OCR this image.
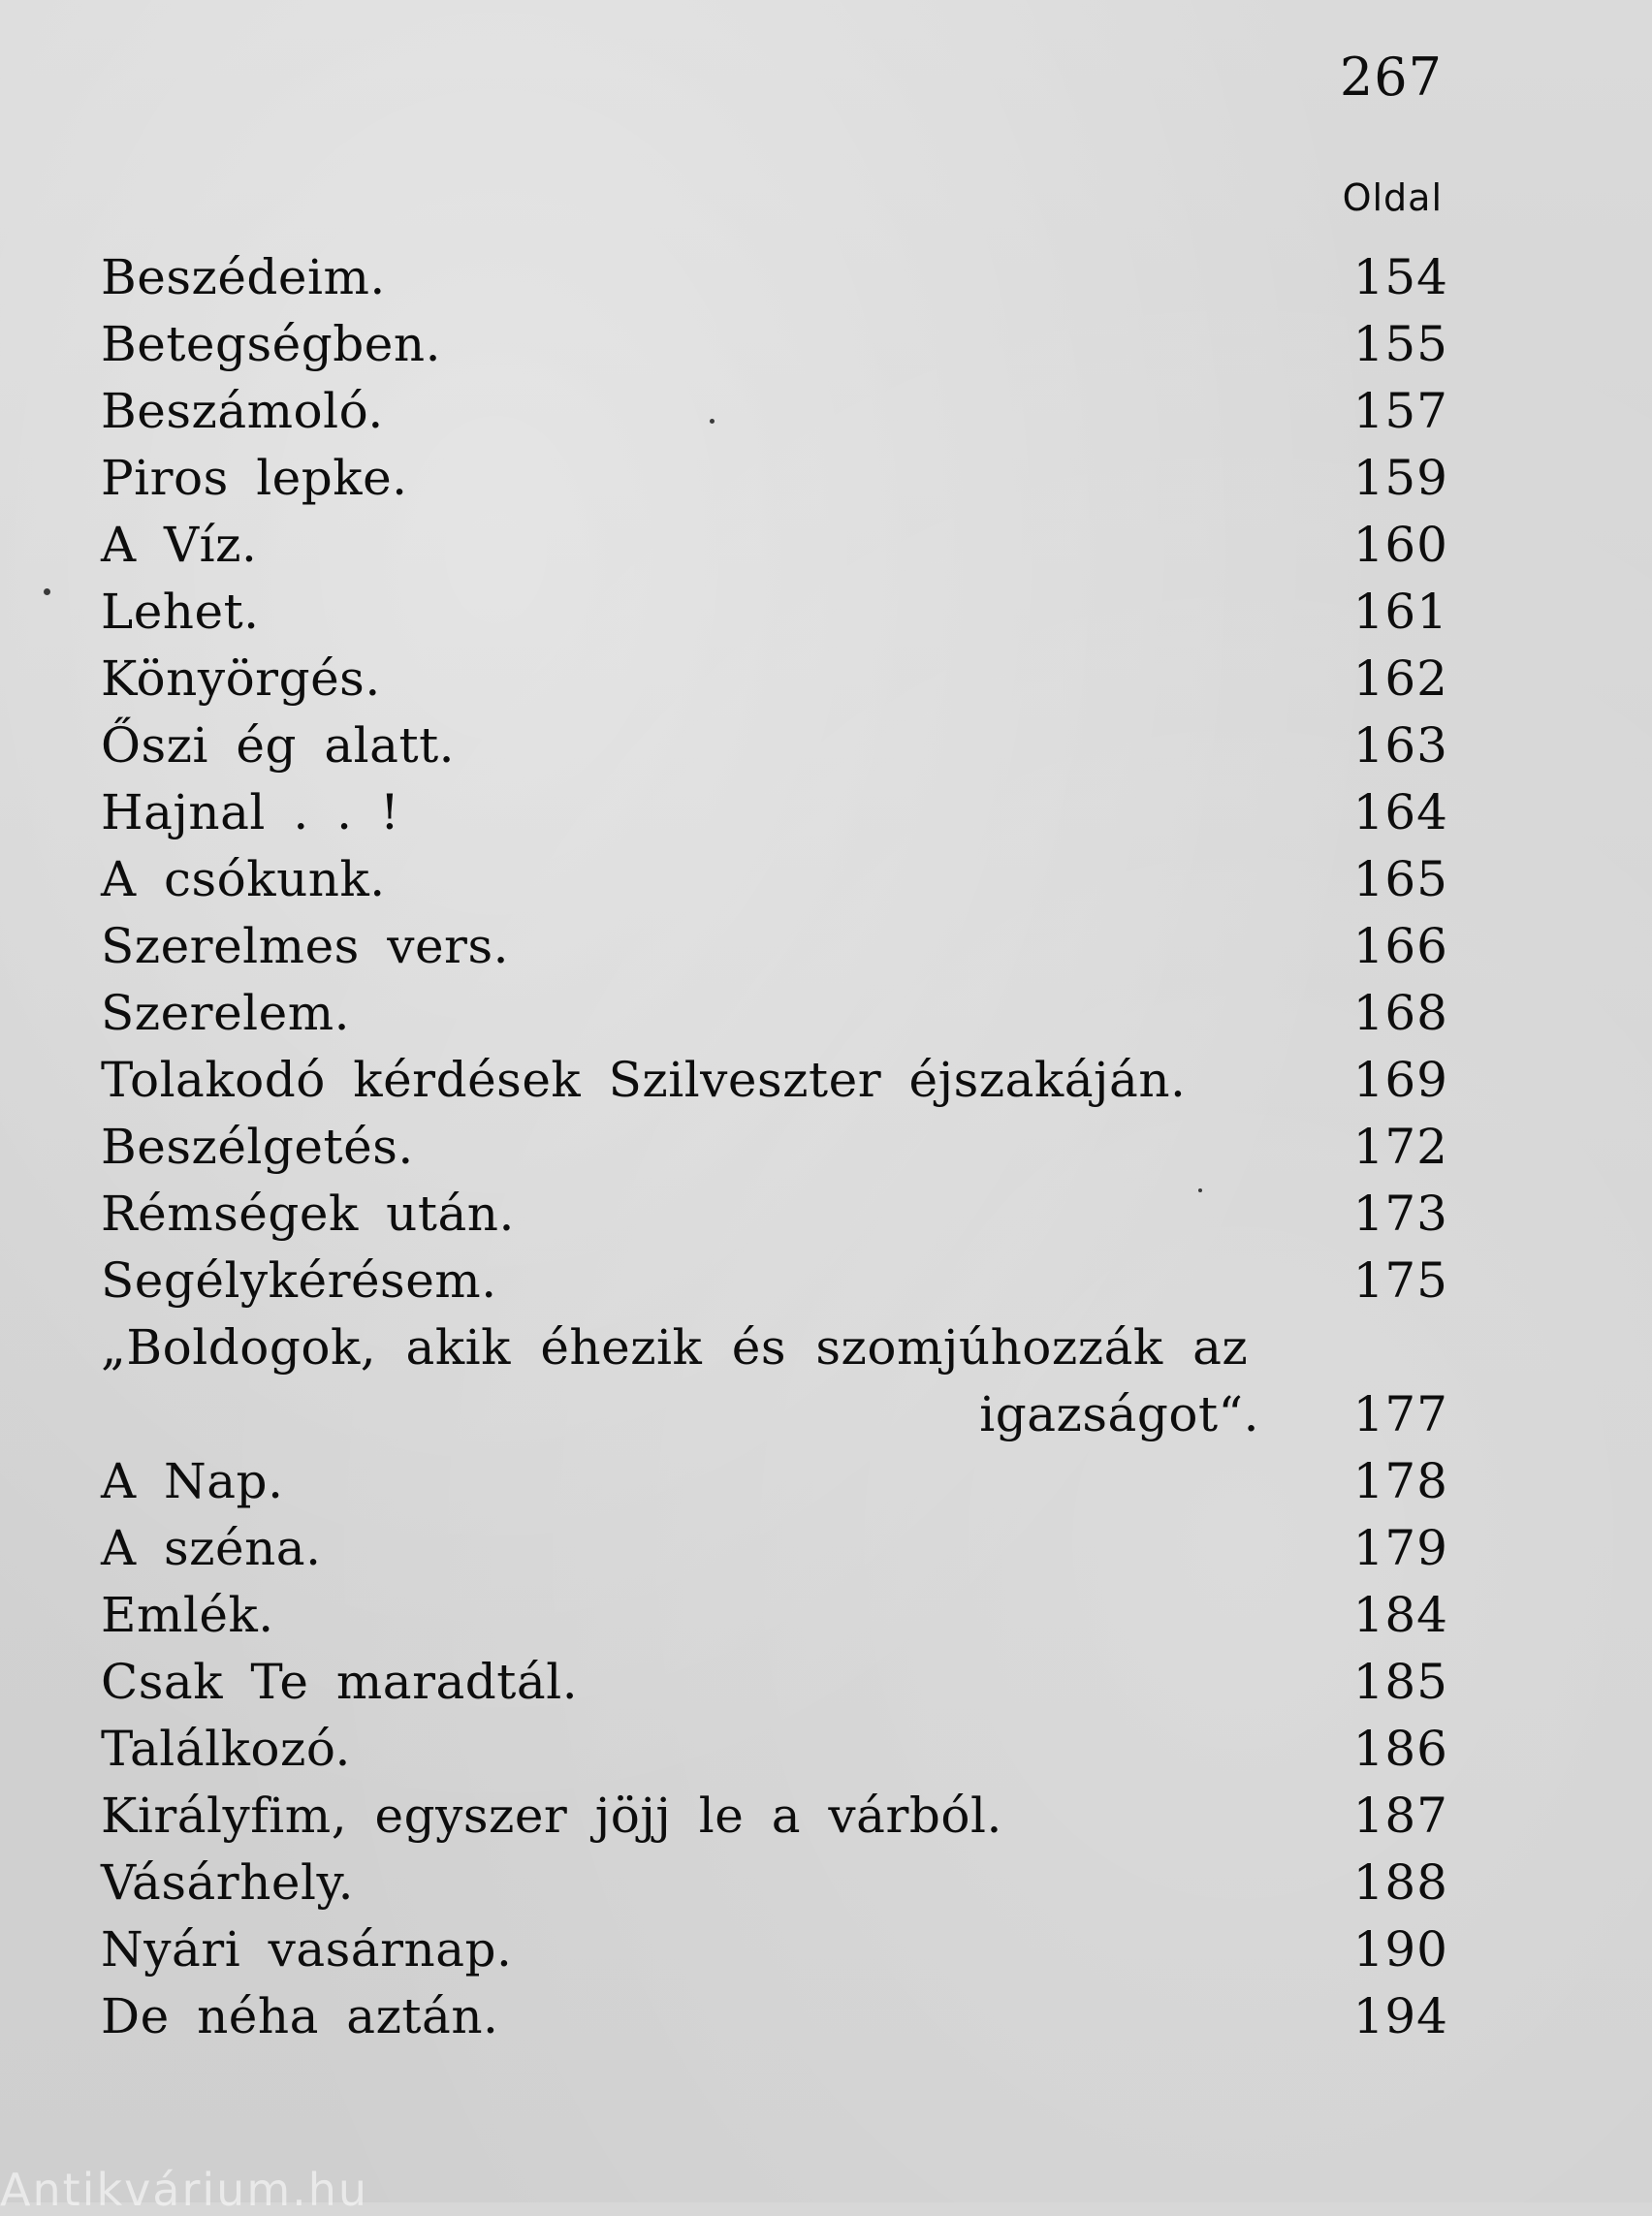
267
Oldal
Beszédeim.	154
Betegségben.	155
Beszámoló.	157
Piros lepke.	159
A Víz.	160
Lehet.	161
Könyörgés.	162
Őszi ég alatt.	163
Hajnal . . !	164
A csókunk.	165
Szerelmes vers.	166
Szerelem.	168
Tolakodó kérdések Szilveszter éjszakáján.	169
Beszélgetés.	172
Rémségek után.	173
Segélykérésem.	175
„Boldogok, akik éhezik és szomjúhozzák az
igazságot“. 177
A Nap.	178
A széna.	179
Emlék.	184
Csak Te maradtál.	185
Találkozó.	186
Királyfim, egyszer jöjj le a várból.	187
Vásárhely.	188
Nyári vasárnap.	190
De néha aztán.	194
Antikvárium.hu
